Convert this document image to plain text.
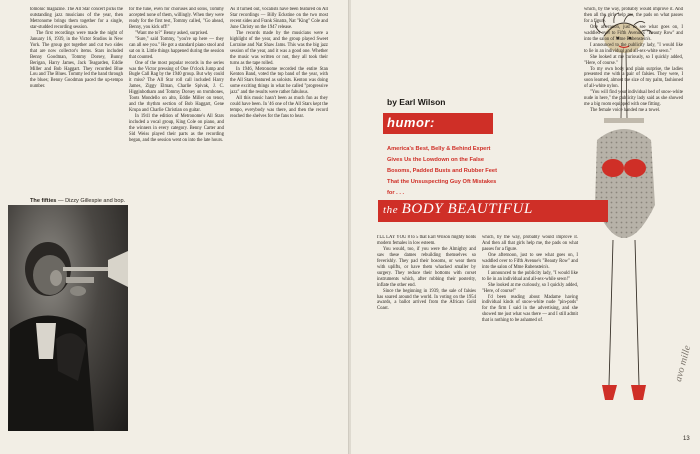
tomonic magazine. The All Star concert picks the outstanding jazz musicians of the year, then Metronome brings them together for a single, star-studded recording session.

The first recordings were made the night of January 16, 1939, in the Victor Studios in New York. The group got together and cut two sides that are now collector's items. Stars included Benny Goodman, Tommy Dorsey, Bunny Berigan, Harry James, Jack Teagarden, Eddie Miller and Bob Haggart. They recorded Blue Lou and The Blues. Tommy led the band through the blues; Benny Goodman paced the up-tempo number.

The fifties — Dizzy Gillespie and bop.

for the tune, even for choruses and solos, Tommy accepted none of them, willingly. When they were ready for the first test, Tommy called, "Go ahead, Benny, you kick off!"

"Want me to?" Benny asked, surprised.

"Sure," said Tommy, "you're up here — they can all see you." He got a standard piano stool and sat on it. Little things happened during the session that counted.

One of the most popular records in the series was the Victor pressing of One O'clock Jump and Bugle Call Rag by the 1940 group. But why could it miss? The All Star roll call included Harry James, Ziggy Elman, Charlie Spivak, J. C. Higginbotham and Tommy Dorsey on trombones, Toots Mondello on alto, Eddie Miller on tenor, and the rhythm section of Bob Haggart, Gene Krupa and Charlie Christian on guitar.

In 1941 the edition of Metronome's All Stars included a vocal group, King Cole on piano, and the winners in every category. Benny Carter and Sid Weiss played their parts as the recording began, and the session went on into the late hours.

As it turned out, vocalists have been featured on All Star recordings — Billy Eckstine on the two most recent sides and Frank Sinatra, Nat "King" Cole and June Christy on the 1947 release.

The records made by the musicians were a highlight of the year, and the group played Sweet Lorraine and Nat Shaw Jams. This was the big jazz session of the year, and it was a good one. Whether the music was written or not, they all took their turns as the tape rolled.

In 1946, Metronome recorded the entire Stan Kenton Band, voted the top band of the year, with the All Stars featured as soloists. Kenton was doing some exciting things in what he called "progressive jazz" and the results were rather fabulous.

All this music hasn't been as much fun as they could have been. In '46 one of the All Stars kept the tempo, everybody was there, and then the record reached the shelves for the fans to hear.

by Earl Wilson
humor:
America's Best, Belly & Behind Expert Gives Us the Lowdown on the False Bosoms, Padded Busts and Rubber Feet That the Unsuspecting Guy Oft Mistakes for . . .
the BODY BEAUTIFUL

I'LL LAY YOU 8 to 5 that Earl Wilson mighty holds modern females in low esteem.

You would, too, if you were the Almighty and saw these dames rebuilding themselves so feverishly. They pad their bosoms, or wear them with uplifts, or have them whacked smaller by surgery. They reduce their bottoms with corset instruments which, after robbing their posterity, inflate the other end.

Since the beginning in 1939, the sale of falsies has soared around the world. In voting on the 1954 awards, a ballot arrived from the African Gold Coast.

which, by the way, probably would improve it. And then all that girls help me, the pads on what passes for a figure.

One afternoon, just to see what goes on, I waddled over to Fifth Avenue's "Beauty Row" and into the salon of Mme Rubenstein's.

I announced to the publicity lady, "I would like to lie in an individual and all-sex-while sewn!"

She looked at me curiously, so I quickly added, "Here, of course!"

I'd been reading about Madame having individual kinds of snow-white nude "pin-pods" for the firm I said in the advertising, and she showed me just what was there — and I still admit that is nothing to be ashamed of.

which, by the way, probably would improve it. And then all the girls help me, the pads on what passes for a figure.

One afternoon, just to see what goes on, I waddled over to Fifth Avenue's "Beauty Row" and into the salon of Mme Rubenstein's.

I announced to the publicity lady, "I would like to lie in an individual and all-sex-white sewn."

She looked at me curiously, so I quickly added, "Here, of course."

To my own body and plain surprise, the ladies presented me with a pair of falsies. They were, I soon learned, almost the size of my palm, fashioned of all-white nylon.

"You will find your individual bed of snow-white nude in here," the publicity lady said as she showed me a big room equipped with one fitting.

The female voice handed me a towel.

avo mille
13
